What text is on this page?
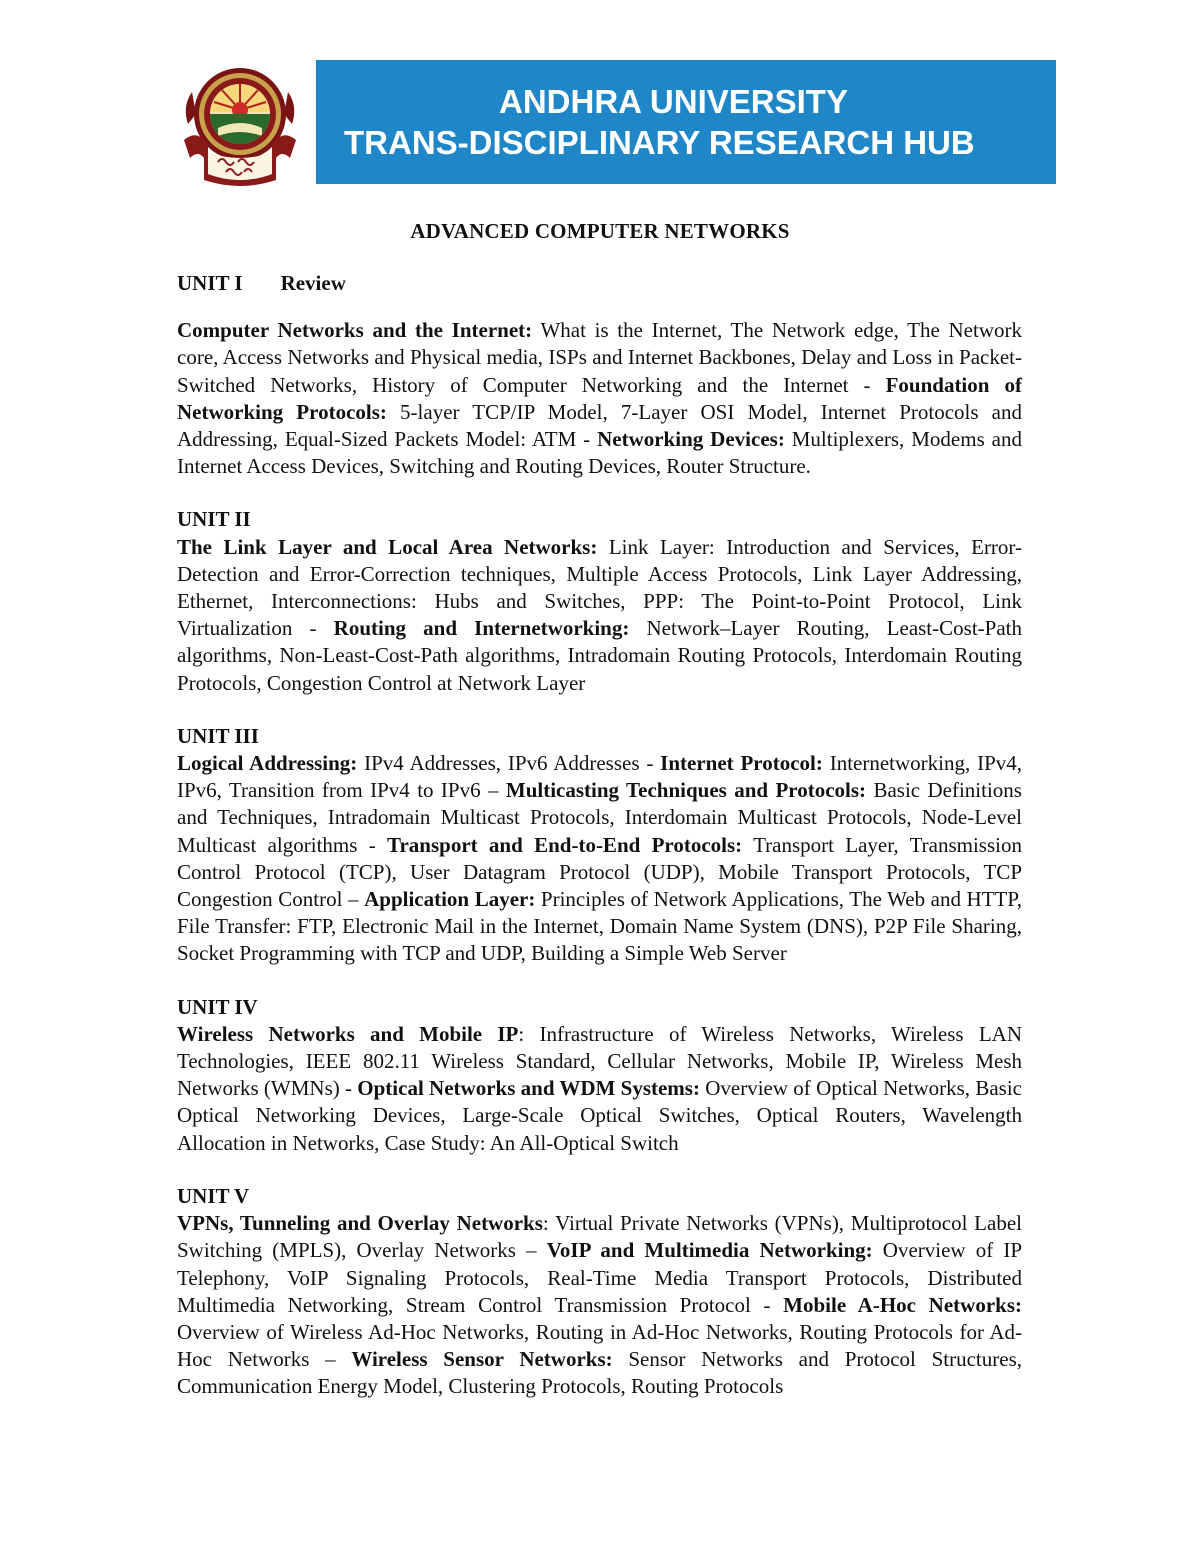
ANDHRA UNIVERSITY
TRANS-DISCIPLINARY RESEARCH HUB
ADVANCED COMPUTER NETWORKS
UNIT I Review

Computer Networks and the Internet: What is the Internet, The Network edge, The Network core, Access Networks and Physical media, ISPs and Internet Backbones, Delay and Loss in Packet-Switched Networks, History of Computer Networking and the Internet - Foundation of Networking Protocols: 5-layer TCP/IP Model, 7-Layer OSI Model, Internet Protocols and Addressing, Equal-Sized Packets Model: ATM - Networking Devices: Multiplexers, Modems and Internet Access Devices, Switching and Routing Devices, Router Structure.

UNIT II

The Link Layer and Local Area Networks: Link Layer: Introduction and Services, Error- Detection and Error-Correction techniques, Multiple Access Protocols, Link Layer Addressing, Ethernet, Interconnections: Hubs and Switches, PPP: The Point-to-Point Protocol, Link Virtualization - Routing and Internetworking: Network–Layer Routing, Least-Cost-Path algorithms, Non-Least-Cost-Path algorithms, Intradomain Routing Protocols, Interdomain Routing Protocols, Congestion Control at Network Layer

UNIT III

Logical Addressing: IPv4 Addresses, IPv6 Addresses - Internet Protocol: Internetworking, IPv4, IPv6, Transition from IPv4 to IPv6 – Multicasting Techniques and Protocols: Basic Definitions and Techniques, Intradomain Multicast Protocols, Interdomain Multicast Protocols, Node-Level Multicast algorithms - Transport and End-to-End Protocols: Transport Layer, Transmission Control Protocol (TCP), User Datagram Protocol (UDP), Mobile Transport Protocols, TCP Congestion Control – Application Layer: Principles of Network Applications, The Web and HTTP, File Transfer: FTP, Electronic Mail in the Internet, Domain Name System (DNS), P2P File Sharing, Socket Programming with TCP and UDP, Building a Simple Web Server

UNIT IV

Wireless Networks and Mobile IP: Infrastructure of Wireless Networks, Wireless LAN Technologies, IEEE 802.11 Wireless Standard, Cellular Networks, Mobile IP, Wireless Mesh Networks (WMNs) - Optical Networks and WDM Systems: Overview of Optical Networks, Basic Optical Networking Devices, Large-Scale Optical Switches, Optical Routers, Wavelength Allocation in Networks, Case Study: An All-Optical Switch

UNIT V

VPNs, Tunneling and Overlay Networks: Virtual Private Networks (VPNs), Multiprotocol Label Switching (MPLS), Overlay Networks – VoIP and Multimedia Networking: Overview of IP Telephony, VoIP Signaling Protocols, Real-Time Media Transport Protocols, Distributed Multimedia Networking, Stream Control Transmission Protocol - Mobile A-Hoc Networks: Overview of Wireless Ad-Hoc Networks, Routing in Ad-Hoc Networks, Routing Protocols for Ad-Hoc Networks – Wireless Sensor Networks: Sensor Networks and Protocol Structures, Communication Energy Model, Clustering Protocols, Routing Protocols
